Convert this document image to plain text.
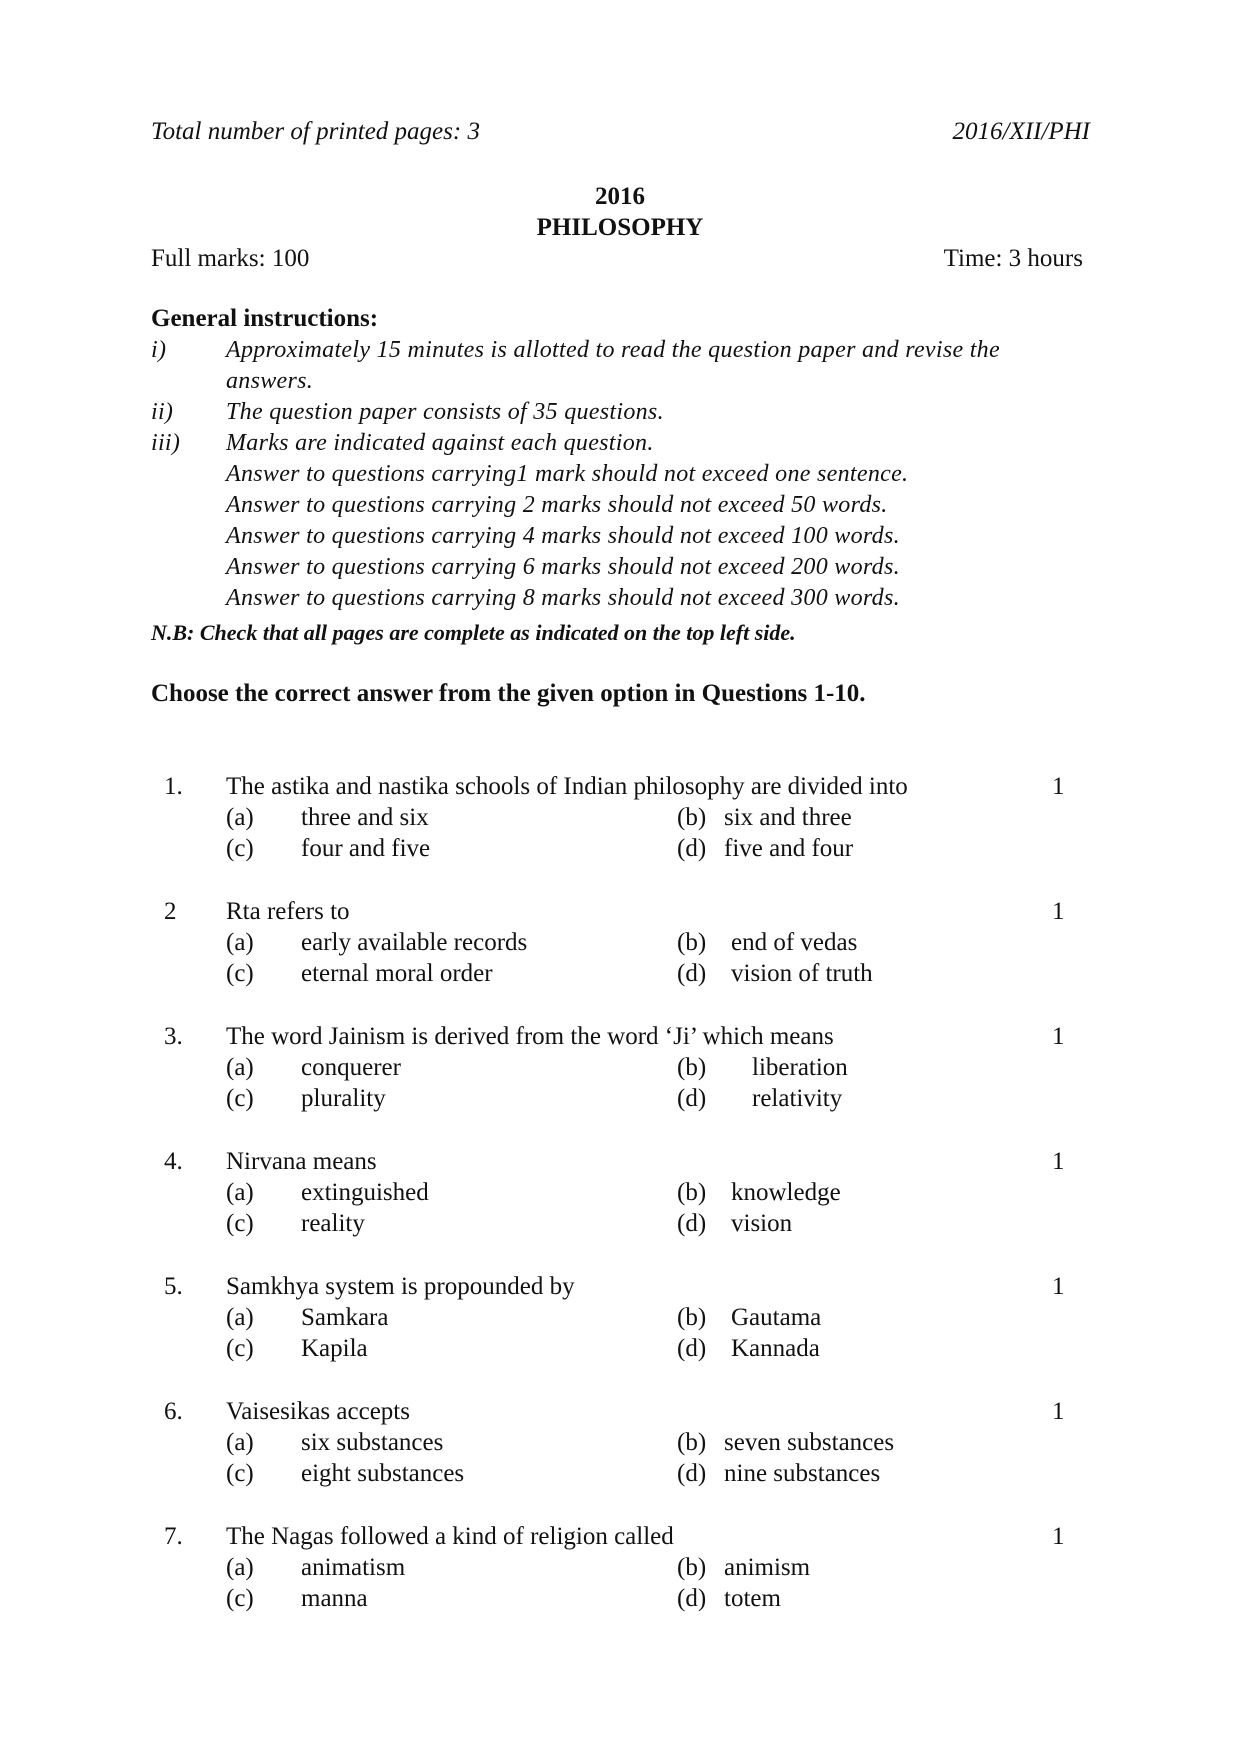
Total number of printed pages: 3	2016/XII/PHI
2016
PHILOSOPHY
Full marks: 100	Time: 3 hours
General instructions:
i) Approximately 15 minutes is allotted to read the question paper and revise the
answers.
ii) The question paper consists of 35 questions.
iii) Marks are indicated against each question.
Answer to questions carrying1 mark should not exceed one sentence.
Answer to questions carrying 2 marks should not exceed 50 words.
Answer to questions carrying 4 marks should not exceed 100 words.
Answer to questions carrying 6 marks should not exceed 200 words.
Answer to questions carrying 8 marks should not exceed 300 words.
N.B: Check that all pages are complete as indicated on the top left side.
Choose the correct answer from the given option in Questions 1-10.
1. The astika and nastika schools of Indian philosophy are divided into	1
(a) three and six	(b) six and three
(c) four and five	(d) five and four
2 Rta refers to	1
(a) early available records	(b) end of vedas
(c) eternal moral order	(d) vision of truth
3. The word Jainism is derived from the word ‘Ji’ which means	1
(a) conquerer	(b) liberation
(c) plurality	(d) relativity
4. Nirvana means	1
(a) extinguished	(b) knowledge
(c) reality	(d) vision
5. Samkhya system is propounded by	1
(a) Samkara	(b) Gautama
(c) Kapila	(d) Kannada
6. Vaisesikas accepts	1
(a) six substances	(b) seven substances
(c) eight substances	(d) nine substances
7. The Nagas followed a kind of religion called	1
(a) animatism	(b) animism
(c) manna	(d) totem
